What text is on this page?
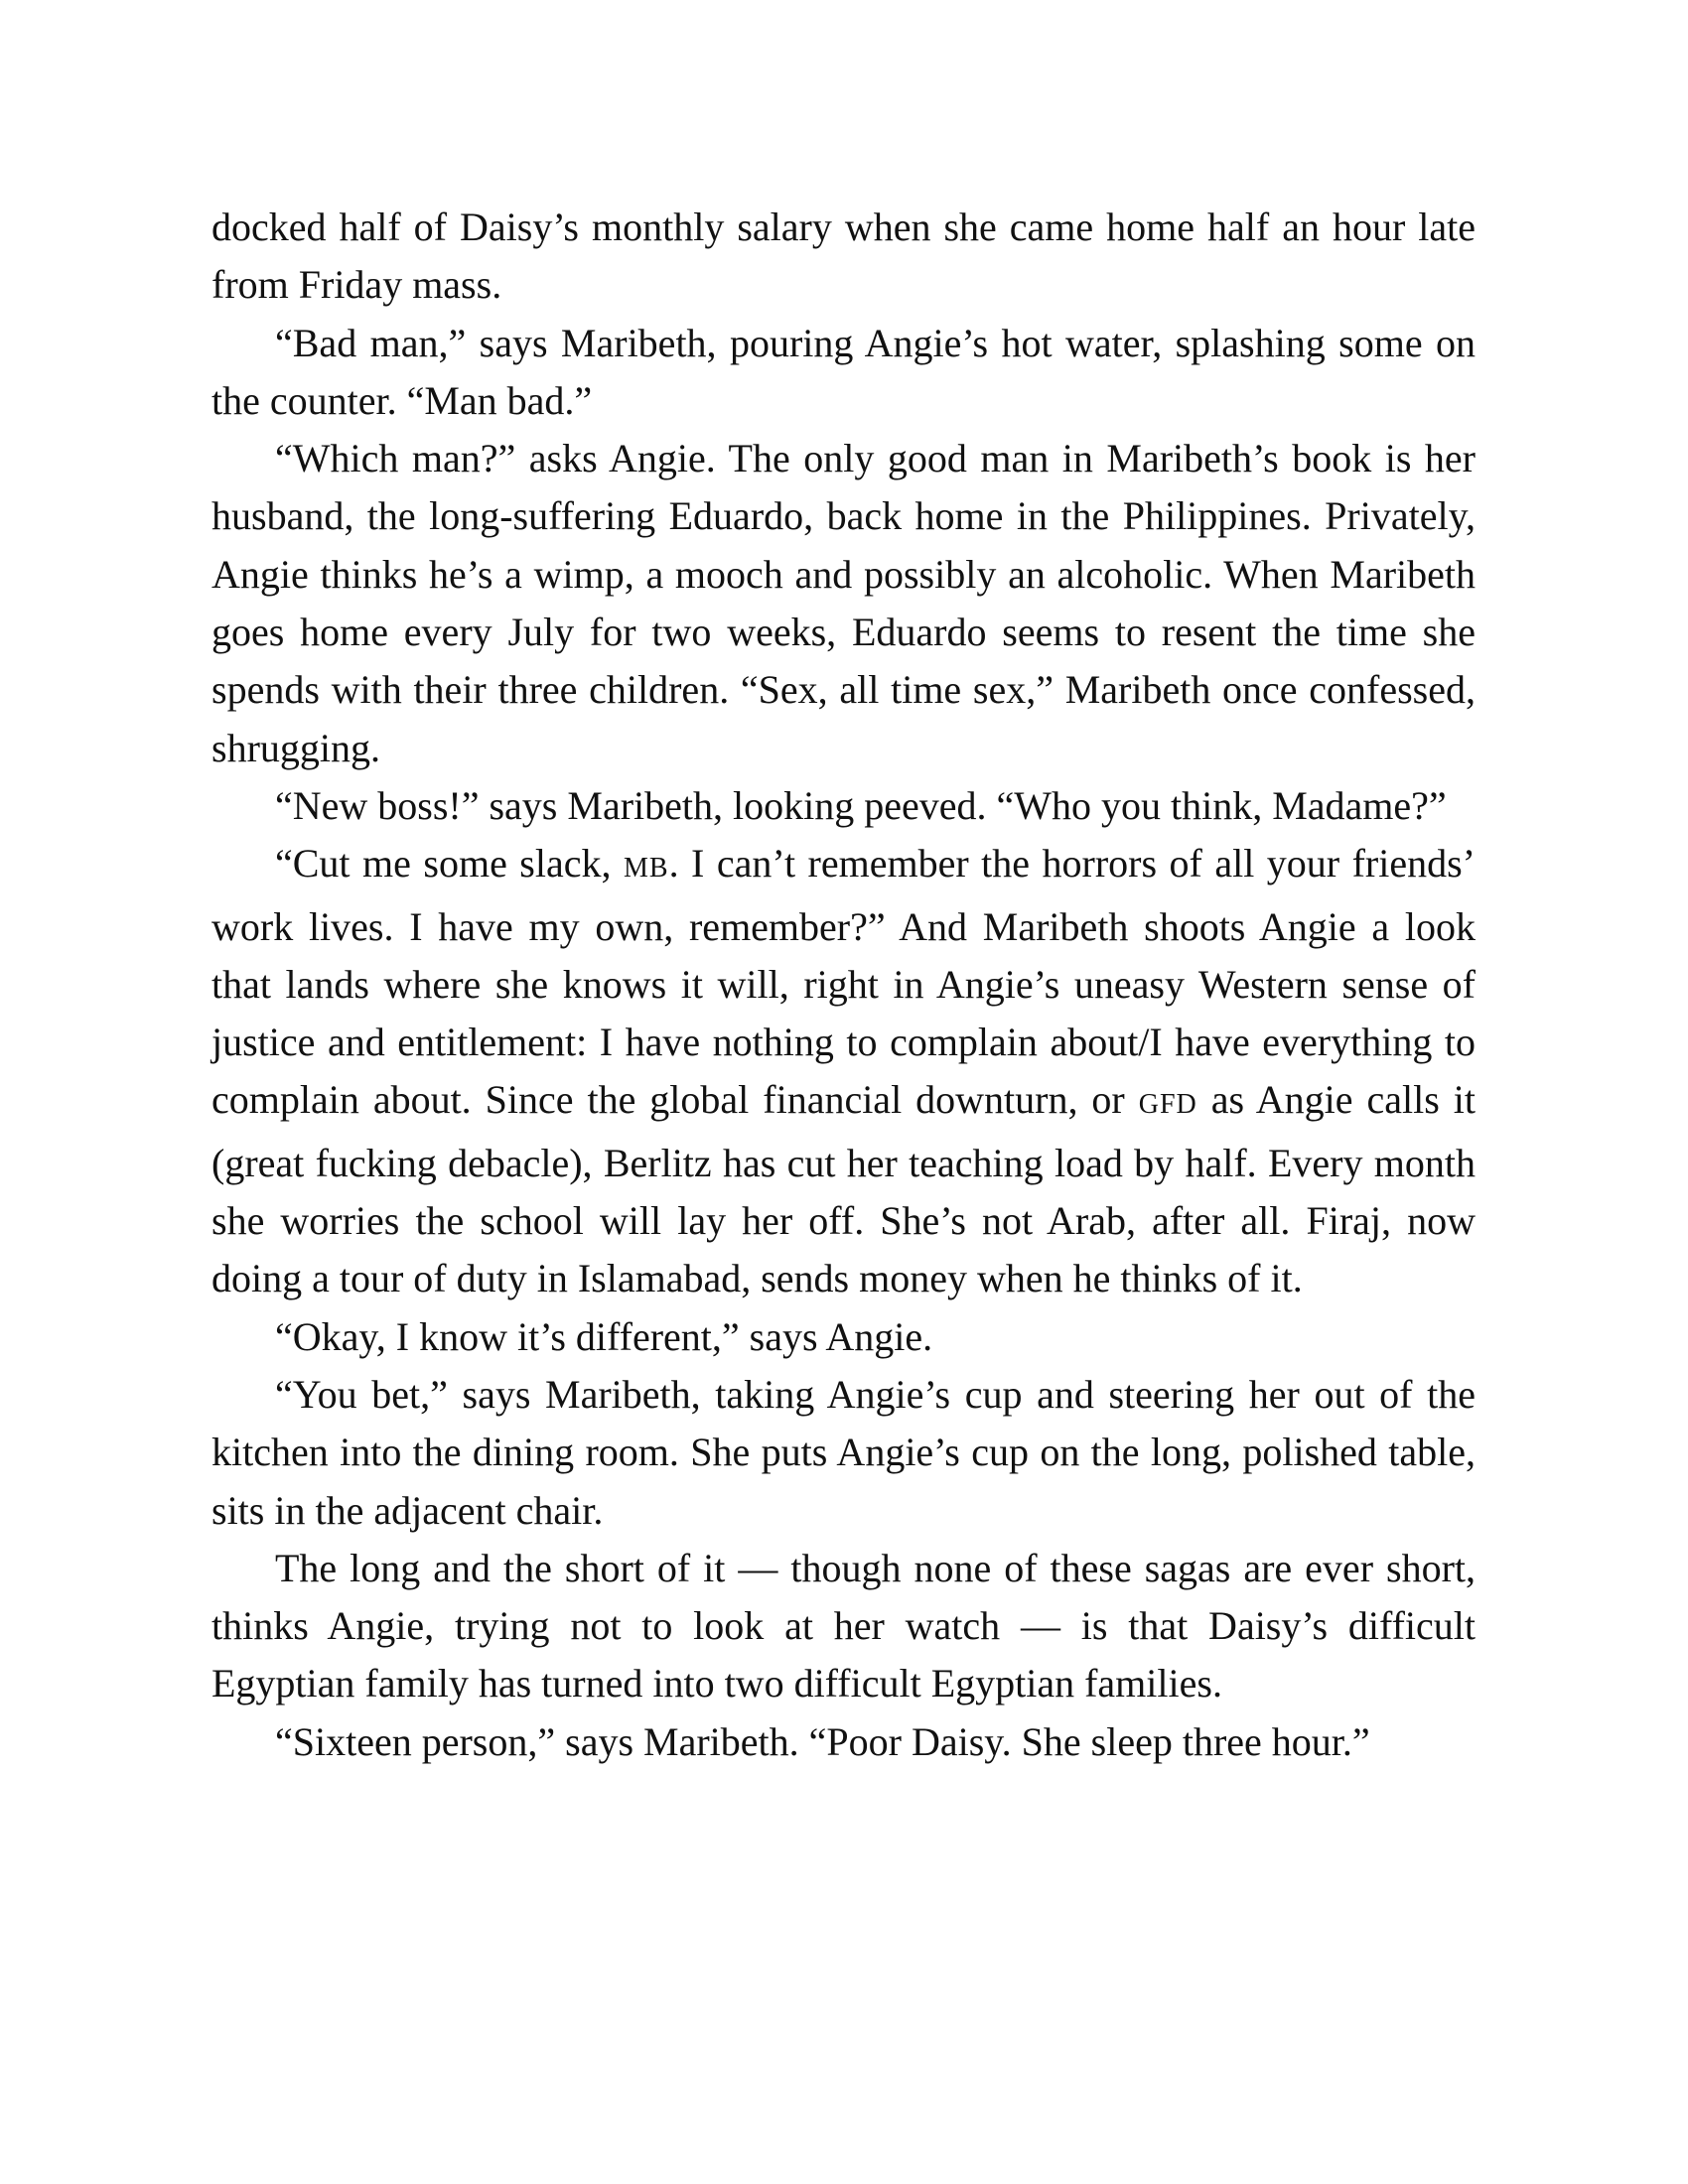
docked half of Daisy’s monthly salary when she came home half an hour late from Friday mass.

“Bad man,” says Maribeth, pouring Angie’s hot water, splashing some on the counter. “Man bad.”

“Which man?” asks Angie. The only good man in Maribeth’s book is her husband, the long-suffering Eduardo, back home in the Philippines. Privately, Angie thinks he’s a wimp, a mooch and possibly an alcoholic. When Maribeth goes home every July for two weeks, Eduardo seems to resent the time she spends with their three children. “Sex, all time sex,” Maribeth once confessed, shrugging.

“New boss!” says Maribeth, looking peeved. “Who you think, Madame?”

“Cut me some slack, MB. I can’t remember the horrors of all your friends’ work lives. I have my own, remember?” And Maribeth shoots Angie a look that lands where she knows it will, right in Angie’s uneasy Western sense of justice and entitlement: I have nothing to complain about/I have everything to complain about. Since the global financial downturn, or GFD as Angie calls it (great fucking debacle), Berlitz has cut her teaching load by half. Every month she worries the school will lay her off. She’s not Arab, after all. Firaj, now doing a tour of duty in Islamabad, sends money when he thinks of it.

“Okay, I know it’s different,” says Angie.

“You bet,” says Maribeth, taking Angie’s cup and steering her out of the kitchen into the dining room. She puts Angie’s cup on the long, polished table, sits in the adjacent chair.

The long and the short of it — though none of these sagas are ever short, thinks Angie, trying not to look at her watch — is that Daisy’s difficult Egyptian family has turned into two difficult Egyptian families.

“Sixteen person,” says Maribeth. “Poor Daisy. She sleep three hour.”
